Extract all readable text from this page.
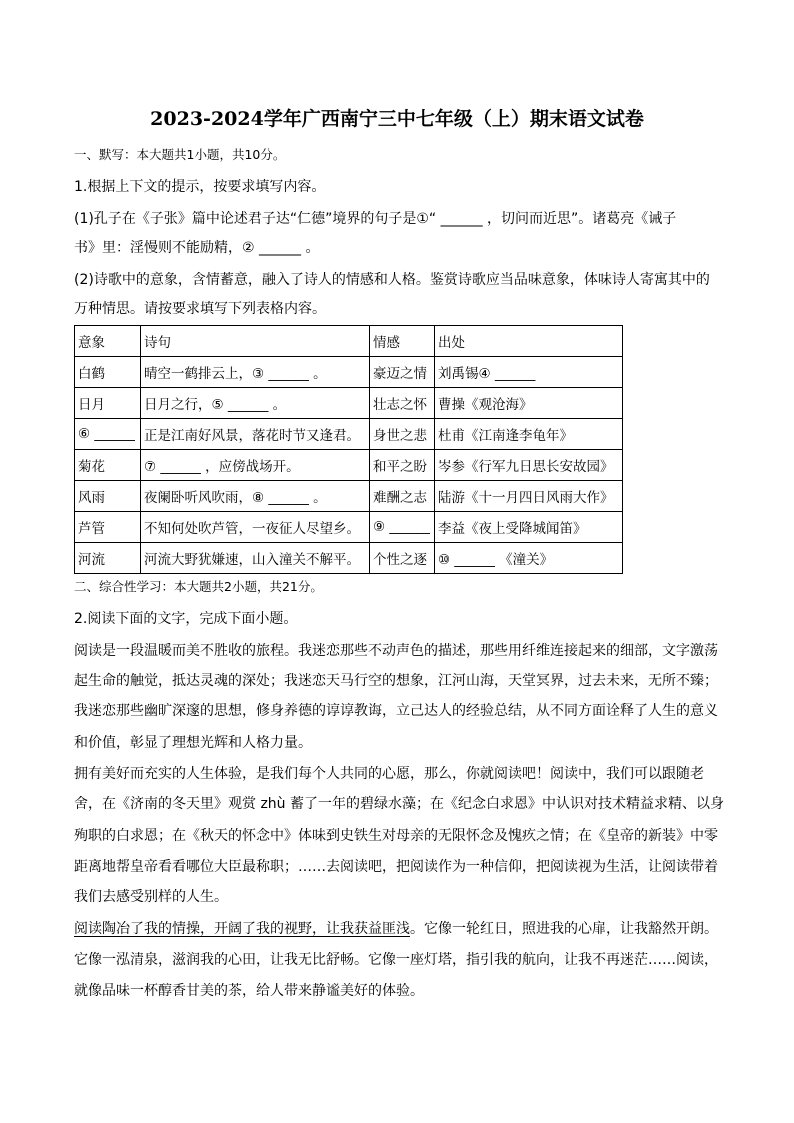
2023-2024学年广西南宁三中七年级（上）期末语文试卷
一、默写：本大题共1小题，共10分。
1.根据上下文的提示，按要求填写内容。
(1)孔子在《子张》篇中论述君子达“仁德”境界的句子是①“ ______ ，切问而近思”。诸葛亮《诫子
书》里：淫慢则不能励精，② ______ 。
(2)诗歌中的意象，含情蓄意，融入了诗人的情感和人格。鉴赏诗歌应当品味意象，体味诗人寄寓其中的
万种情思。请按要求填写下列表格内容。
意象	诗句	情感	出处
白鹤	晴空一鹤排云上，③ ______ 。	豪迈之情	刘禹锡④ ______
日月	日月之行，⑤ ______ 。	壮志之怀	曹操《观沧海》
⑥ ______	正是江南好风景，落花时节又逢君。	身世之悲	杜甫《江南逢李龟年》
菊花	⑦ ______ ，应傍战场开。	和平之盼	岑参《行军九日思长安故园》
风雨	夜阑卧听风吹雨，⑧ ______ 。	难酬之志	陆游《十一月四日风雨大作》
芦管	不知何处吹芦管，一夜征人尽望乡。	⑨ ______	李益《夜上受降城闻笛》
河流	河流大野犹嫌速，山入潼关不解平。	个性之逐	⑩ ______ 《潼关》
二、综合性学习：本大题共2小题，共21分。
2.阅读下面的文字，完成下面小题。
阅读是一段温暖而美不胜收的旅程。我迷恋那些不动声色的描述，那些用纤维连接起来的细部，文字激荡
起生命的触觉，抵达灵魂的深处；我迷恋天马行空的想象，江河山海，天堂冥界，过去未来，无所不臻；
我迷恋那些幽旷深邃的思想，修身养德的谆谆教诲，立己达人的经验总结，从不同方面诠释了人生的意义
和价值，彰显了理想光辉和人格力量。
拥有美好而充实的人生体验，是我们每个人共同的心愿，那么，你就阅读吧！阅读中，我们可以跟随老
舍，在《济南的冬天里》观赏 zhù 蓄了一年的碧绿水藻；在《纪念白求恩》中认识对技术精益求精、以身
殉职的白求恩；在《秋天的怀念中》体味到史铁生对母亲的无限怀念及愧疚之情；在《皇帝的新装》中零
距离地帮皇帝看看哪位大臣最称职；……去阅读吧，把阅读作为一种信仰，把阅读视为生活，让阅读带着
我们去感受别样的人生。
阅读陶冶了我的情操，开阔了我的视野，让我获益匪浅。它像一轮红日，照进我的心扉，让我豁然开朗。
它像一泓清泉，滋润我的心田，让我无比舒畅。它像一座灯塔，指引我的航向，让我不再迷茫……阅读，
就像品味一杯醇香甘美的茶，给人带来静谧美好的体验。
